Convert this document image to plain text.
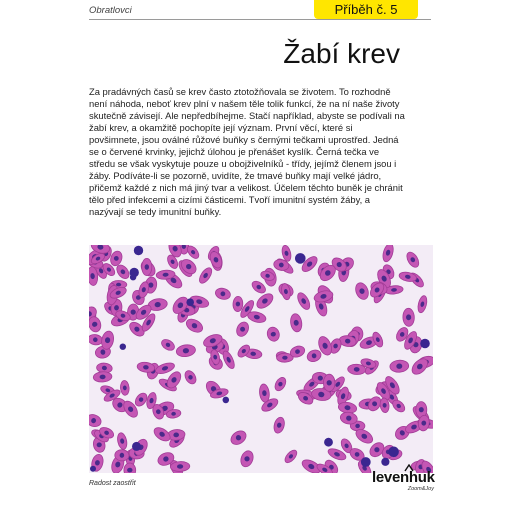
Obratlovci	Příběh č. 5
Žabí krev

Za pradávných časů se krev často ztotožňovala se životem. To rozhodně není náhoda, neboť krev plní v našem těle tolik funkcí, že na ní naše životy skutečně závisejí. Ale nepředbíhejme. Stačí například, abyste se podívali na žabí krev, a okamžitě pochopíte její význam. První věcí, které si povšimnete, jsou oválné růžové buňky s černými tečkami uprostřed. Jedná se o červené krvinky, jejichž úlohou je přenášet kyslík. Černá tečka ve středu se však vyskytuje pouze u obojživelníků - třídy, jejímž členem jsou i žáby. Podíváte-li se pozorně, uvidíte, že tmavé buňky mají velké jádro, přičemž každé z nich má jiný tvar a velikost. Účelem těchto buněk je chránit tělo před infekcemi a cizími částicemi. Tvoří imunitní systém žáby, a nazývají se tedy imunitní buňky.

Radost zaostřit	levenhuk
Zoom&Joy
